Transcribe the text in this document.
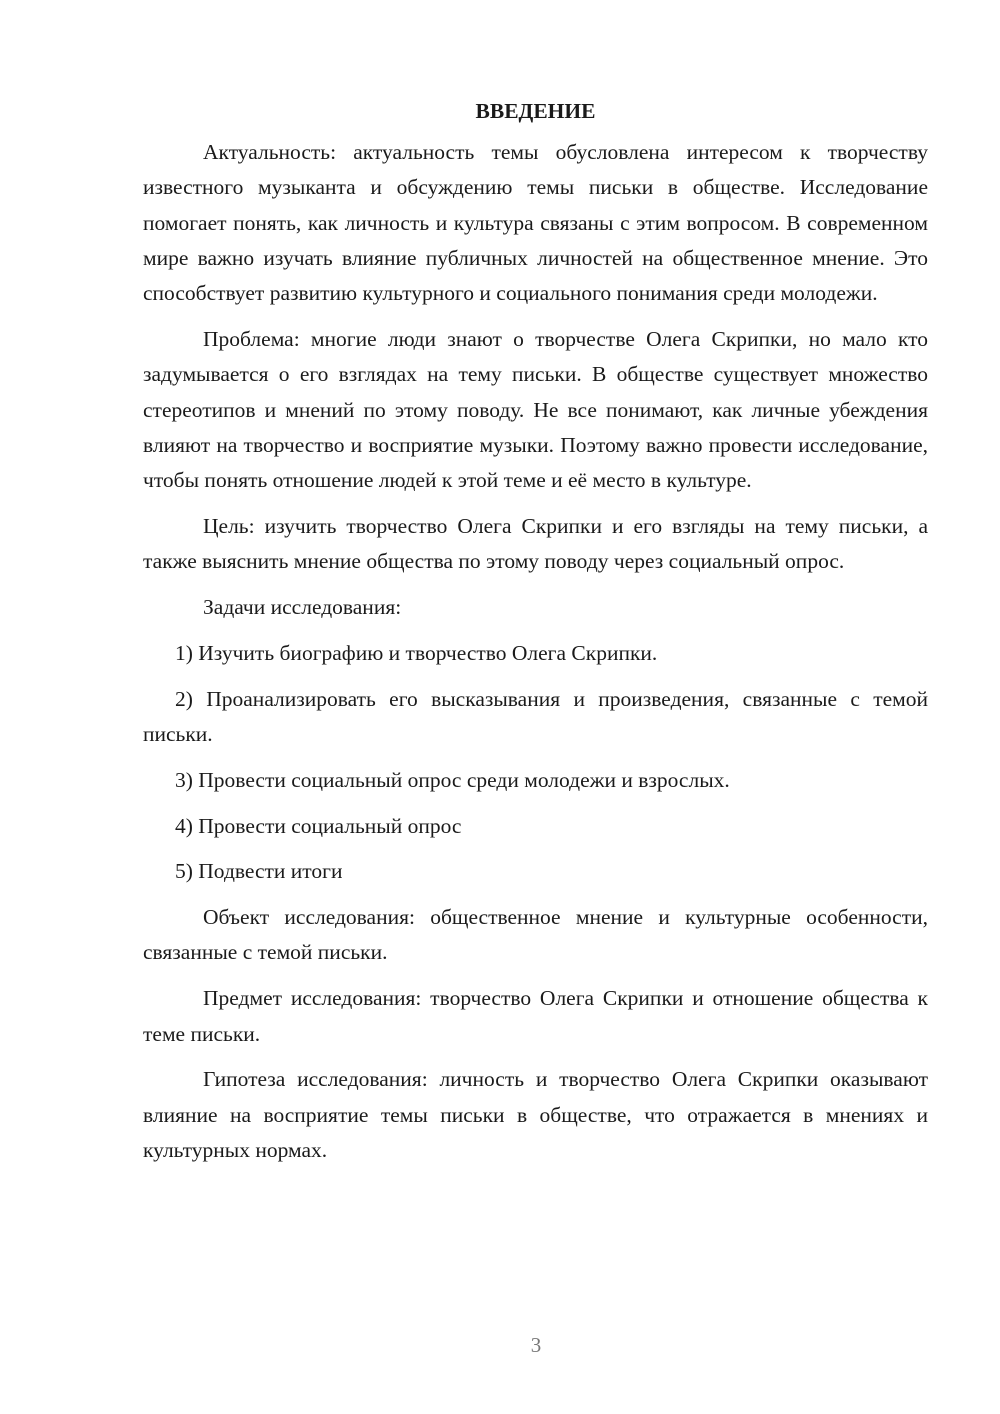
ВВЕДЕНИЕ

Актуальность: актуальность темы обусловлена интересом к творчеству известного музыканта и обсуждению темы письки в обществе. Исследование помогает понять, как личность и культура связаны с этим вопросом. В современном мире важно изучать влияние публичных личностей на общественное мнение. Это способствует развитию культурного и социального понимания среди молодежи.

Проблема: многие люди знают о творчестве Олега Скрипки, но мало кто задумывается о его взглядах на тему письки. В обществе существует множество стереотипов и мнений по этому поводу. Не все понимают, как личные убеждения влияют на творчество и восприятие музыки. Поэтому важно провести исследование, чтобы понять отношение людей к этой теме и её место в культуре.

Цель: изучить творчество Олега Скрипки и его взгляды на тему письки, а также выяснить мнение общества по этому поводу через социальный опрос.

Задачи исследования:

1) Изучить биографию и творчество Олега Скрипки.

2) Проанализировать его высказывания и произведения, связанные с темой письки.

3) Провести социальный опрос среди молодежи и взрослых.

4) Провести социальный опрос

5) Подвести итоги

Объект исследования: общественное мнение и культурные особенности, связанные с темой письки.

Предмет исследования: творчество Олега Скрипки и отношение общества к теме письки.

Гипотеза исследования: личность и творчество Олега Скрипки оказывают влияние на восприятие темы письки в обществе, что отражается в мнениях и культурных нормах.

3
